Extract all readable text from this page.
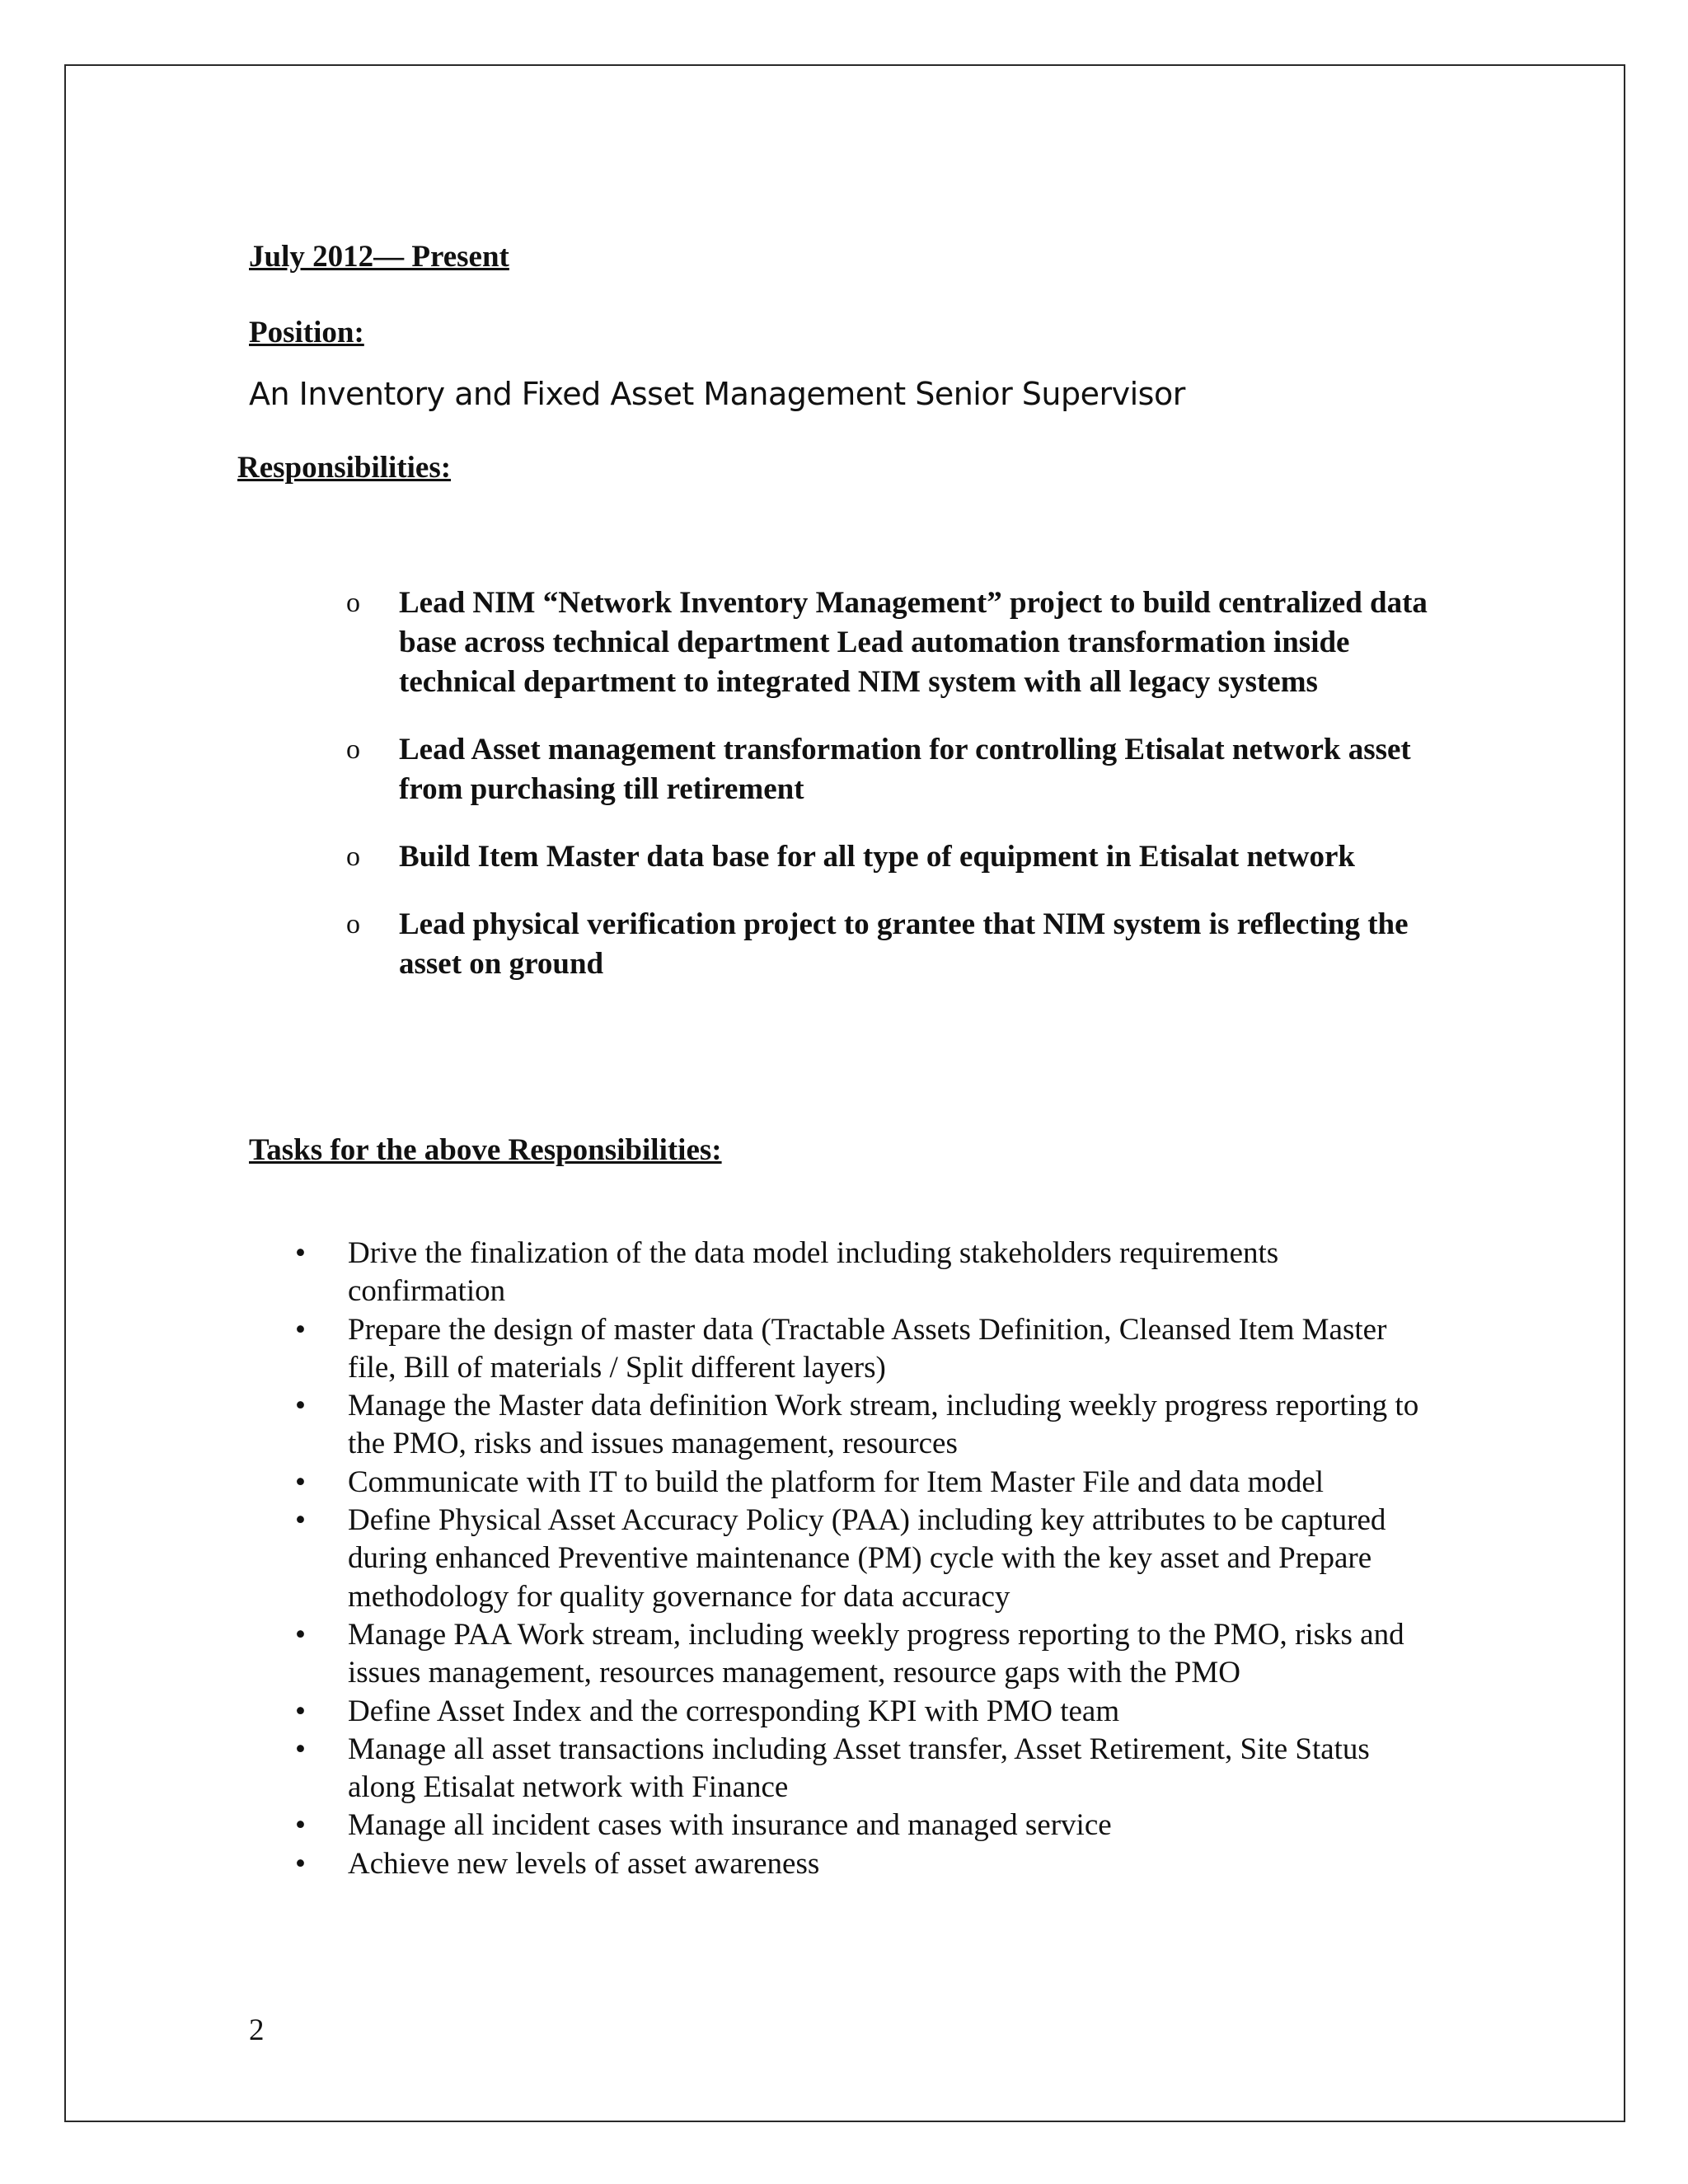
July 2012— Present
Position:
An Inventory and Fixed Asset Management Senior Supervisor
Responsibilities:
o Lead NIM “Network Inventory Management” project to build centralized data base across technical department Lead automation transformation inside technical department to integrated NIM system with all legacy systems
o Lead Asset management transformation for controlling Etisalat network asset from purchasing till retirement
o Build Item Master data base for all type of equipment in Etisalat network
o Lead physical verification project to grantee that NIM system is reflecting the asset on ground
Tasks for the above Responsibilities:
• Drive the finalization of the data model including stakeholders requirements confirmation
• Prepare the design of master data (Tractable Assets Definition, Cleansed Item Master file, Bill of materials / Split different layers)
• Manage the Master data definition Work stream, including weekly progress reporting to the PMO, risks and issues management, resources
• Communicate with IT to build the platform for Item Master File and data model
• Define Physical Asset Accuracy Policy (PAA) including key attributes to be captured during enhanced Preventive maintenance (PM) cycle with the key asset and Prepare methodology for quality governance for data accuracy
• Manage PAA Work stream, including weekly progress reporting to the PMO, risks and issues management, resources management, resource gaps with the PMO
• Define Asset Index and the corresponding KPI with PMO team
• Manage all asset transactions including Asset transfer, Asset Retirement, Site Status along Etisalat network with Finance
• Manage all incident cases with insurance and managed service
• Achieve new levels of asset awareness
2
